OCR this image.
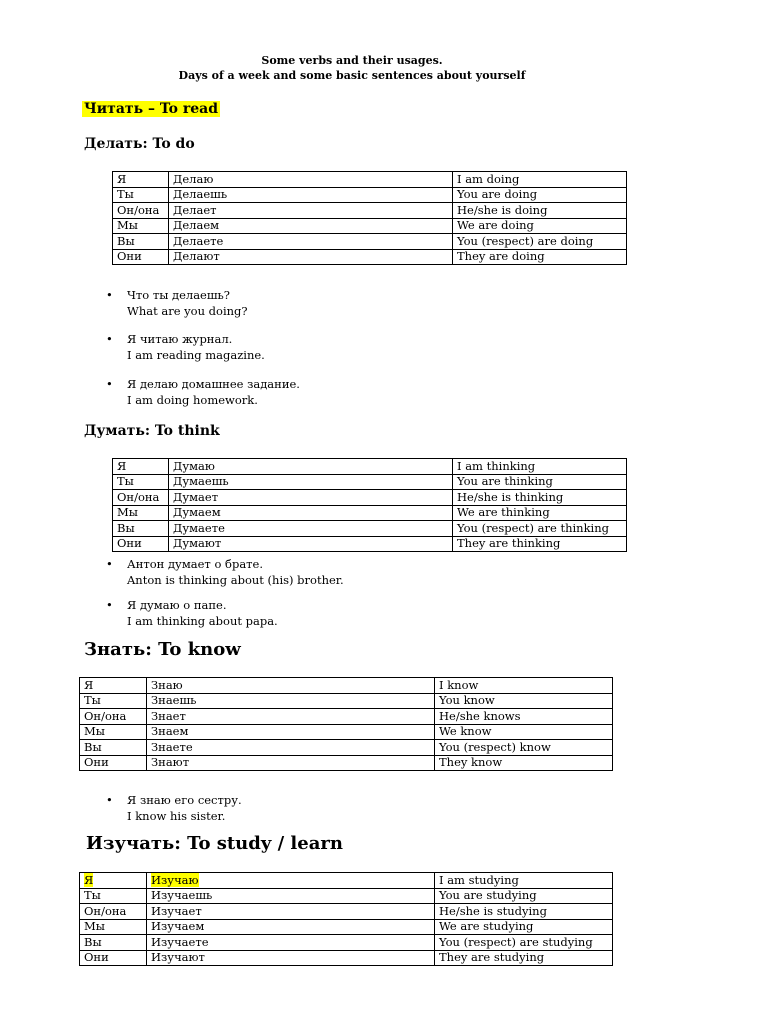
Some verbs and their usages.
Days of a week and some basic sentences about yourself
Читать – To read
Делать: To do
Я	Делаю	I am doing
Ты	Делаешь	You are doing
Он/она	Делает	He/she is doing
Мы	Делаем	We are doing
Вы	Делаете	You (respect) are doing
Они	Делают	They are doing
• Что ты делаешь?
What are you doing?
• Я читаю журнал.
I am reading magazine.
• Я делаю домашнее задание.
I am doing homework.
Думать: To think
Я	Думаю	I am thinking
Ты	Думаешь	You are thinking
Он/она	Думает	He/she is thinking
Мы	Думаем	We are thinking
Вы	Думаете	You (respect) are thinking
Они	Думают	They are thinking
• Антон думает о брате.
Anton is thinking about (his) brother.
• Я думаю о папе.
I am thinking about papa.
Знать: To know
Я	Знаю	I know
Ты	Знаешь	You know
Он/она	Знает	He/she knows
Мы	Знаем	We know
Вы	Знаете	You (respect) know
Они	Знают	They know
• Я знаю его сестру.
I know his sister.
Изучать: To study / learn
Я	Изучаю	I am studying
Ты	Изучаешь	You are studying
Он/она	Изучает	He/she is studying
Мы	Изучаем	We are studying
Вы	Изучаете	You (respect) are studying
Они	Изучают	They are studying
